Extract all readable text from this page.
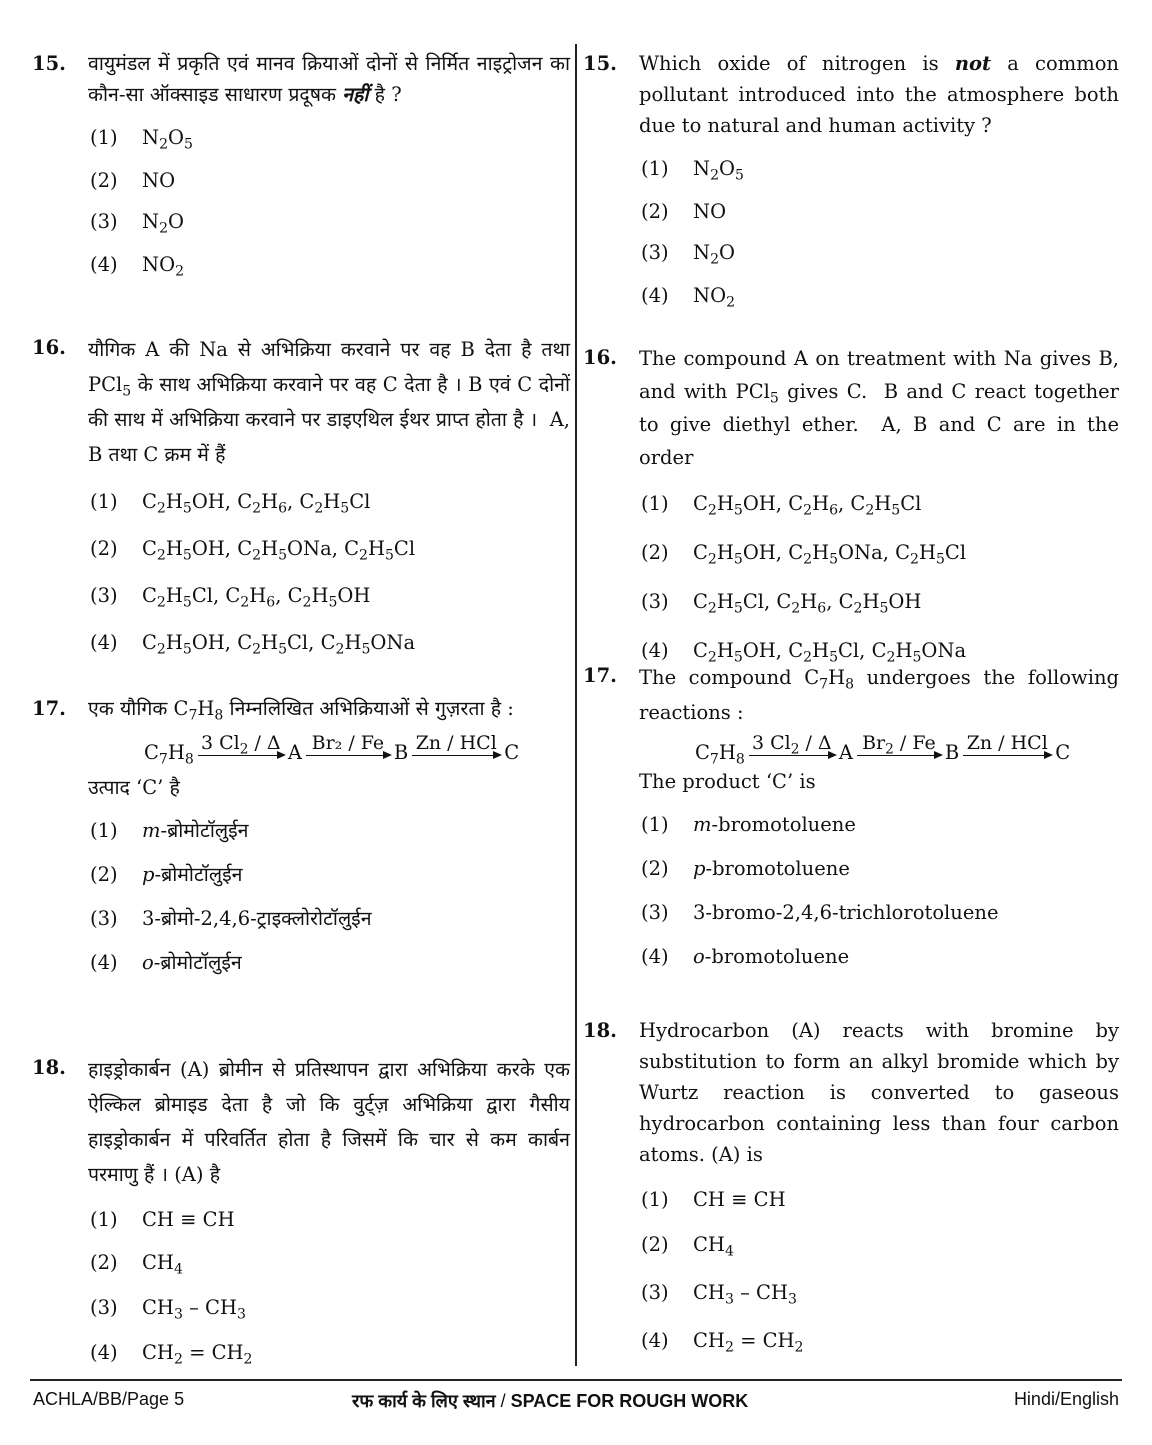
15. वायुमंडल में प्रकृति एवं मानव क्रियाओं दोनों से निर्मित नाइट्रोजन का कौन-सा ऑक्साइड साधारण प्रदूषक नहीं है ?
(1) $N_2O_5$
(2) NO
(3) $N_2O$
(4) $NO_2$
16. यौगिक A की Na से अभिक्रिया करवाने पर वह B देता है तथा PCl$_5$ के साथ अभिक्रिया करवाने पर वह C देता है । B एवं C दोनों की साथ में अभिक्रिया करवाने पर डाइएथिल ईथर प्राप्त होता है ।  A, B तथा C क्रम में हैं
(1) $C_2H_5OH$, $C_2H_6$, $C_2H_5Cl$
(2) $C_2H_5OH$, $C_2H_5ONa$, $C_2H_5Cl$
(3) $C_2H_5Cl$, $C_2H_6$, $C_2H_5OH$
(4) $C_2H_5OH$, $C_2H_5Cl$, $C_2H_5ONa$
17. एक यौगिक $C_7H_8$ निम्नलिखित अभिक्रियाओं से गुज़रता है :
$C_7H_8$
3 $Cl_2$ / Δ A Br₂ / Fe B Zn / HCl C
उत्पाद ‘C’ है
(1) m-ब्रोमोटॉलुईन
(2) p-ब्रोमोटॉलुईन
(3) 3-ब्रोमो-2,4,6-ट्राइक्लोरोटॉलुईन
(4) o-ब्रोमोटॉलुईन
18. हाइड्रोकार्बन (A) ब्रोमीन से प्रतिस्थापन द्वारा अभिक्रिया करके एक ऐल्किल ब्रोमाइड देता है जो कि वुर्ट्ज़ अभिक्रिया द्वारा गैसीय हाइड्रोकार्बन में परिवर्तित होता है जिसमें कि चार से कम कार्बन परमाणु हैं । (A) है
(1) CH ≡ CH
(2) $CH_4$
(3) $CH_3 - CH_3$
(4) $CH_2 = CH_2$
15. Which oxide of nitrogen is not a common pollutant introduced into the atmosphere both due to natural and human activity ?
(1) $N_2O_5$
(2) NO
(3) $N_2O$
(4) $NO_2$
16. The compound A on treatment with Na gives B, and with PCl$_5$ gives C.  B and C react together to give diethyl ether.  A, B and C are in the order
(1) $C_2H_5OH$, $C_2H_6$, $C_2H_5Cl$
(2) $C_2H_5OH$, $C_2H_5ONa$, $C_2H_5Cl$
(3) $C_2H_5Cl$, $C_2H_6$, $C_2H_5OH$
(4) $C_2H_5OH$, $C_2H_5Cl$, $C_2H_5ONa$
17. The compound $C_7H_8$ undergoes the following reactions :
$C_7H_8$
3 $Cl_2$ / Δ A $Br_2$ / Fe B Zn / HCl C
The product ‘C’ is
(1) m-bromotoluene
(2) p-bromotoluene
(3) 3-bromo-2,4,6-trichlorotoluene
(4) o-bromotoluene
18. Hydrocarbon (A) reacts with bromine by substitution to form an alkyl bromide which by Wurtz reaction is converted to gaseous hydrocarbon containing less than four carbon atoms. (A) is
(1) CH ≡ CH
(2) $CH_4$
(3) $CH_3 - CH_3$
(4) $CH_2 = CH_2$
ACHLA/BB/Page 5	रफ कार्य के लिए स्थान / SPACE FOR ROUGH WORK	Hindi/English
